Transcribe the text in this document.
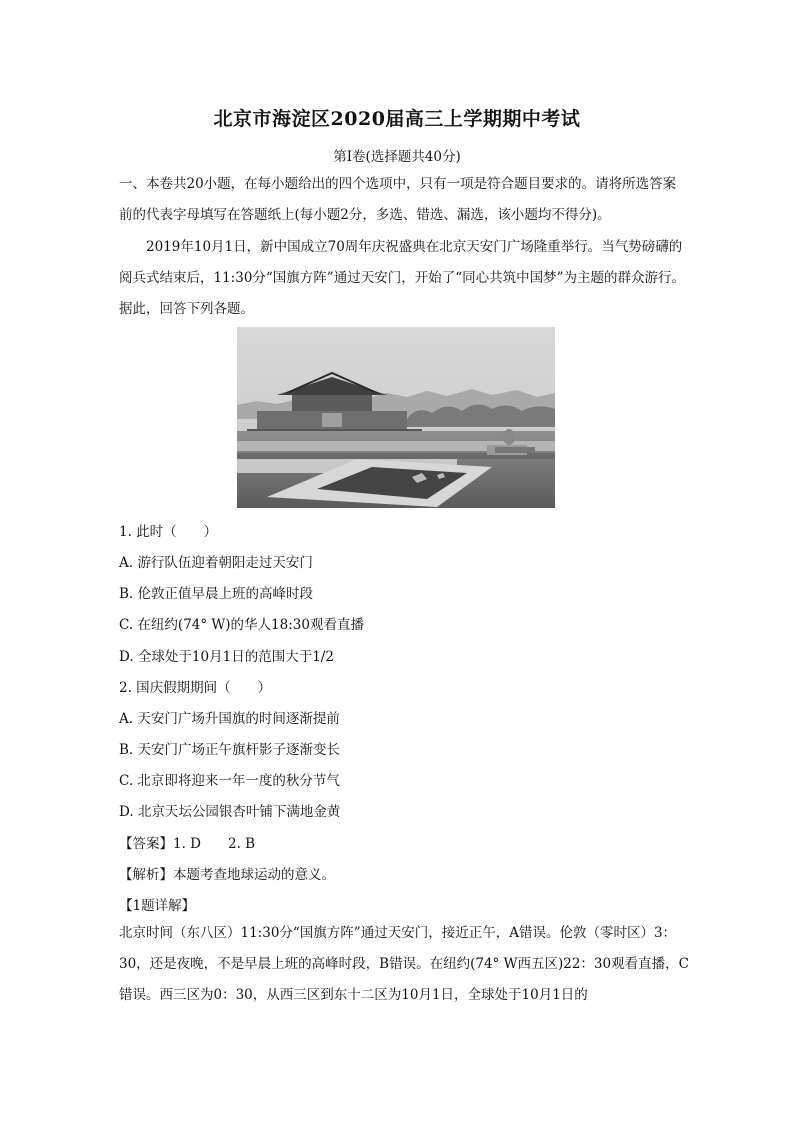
北京市海淀区2020届高三上学期期中考试
第Ⅰ卷(选择题共40分)
一、本卷共20小题，在每小题给出的四个选项中，只有一项是符合题目要求的。请将所选答案前的代表字母填写在答题纸上(每小题2分，多选、错选、漏选，该小题均不得分)。
2019年10月1日，新中国成立70周年庆祝盛典在北京天安门广场隆重举行。当气势磅礴的阅兵式结束后，11:30分“国旗方阵”通过天安门，开始了“同心共筑中国梦”为主题的群众游行。据此，回答下列各题。
1. 此时（　　）
A. 游行队伍迎着朝阳走过天安门
B. 伦敦正值早晨上班的高峰时段
C. 在纽约(74° W)的华人18:30观看直播
D. 全球处于10月1日的范围大于1/2
2. 国庆假期期间（　　）
A. 天安门广场升国旗的时间逐渐提前
B. 天安门广场正午旗杆影子逐渐变长
C. 北京即将迎来一年一度的秋分节气
D. 北京天坛公园银杏叶铺下满地金黄
【答案】1. D　　2. B
【解析】本题考查地球运动的意义。
【1题详解】
北京时间（东八区）11:30分“国旗方阵”通过天安门，接近正午，A错误。伦敦（零时区）3：30，还是夜晚，不是早晨上班的高峰时段，B错误。在纽约(74° W西五区)22：30观看直播，C错误。西三区为0：30，从西三区到东十二区为10月1日，全球处于10月1日的
